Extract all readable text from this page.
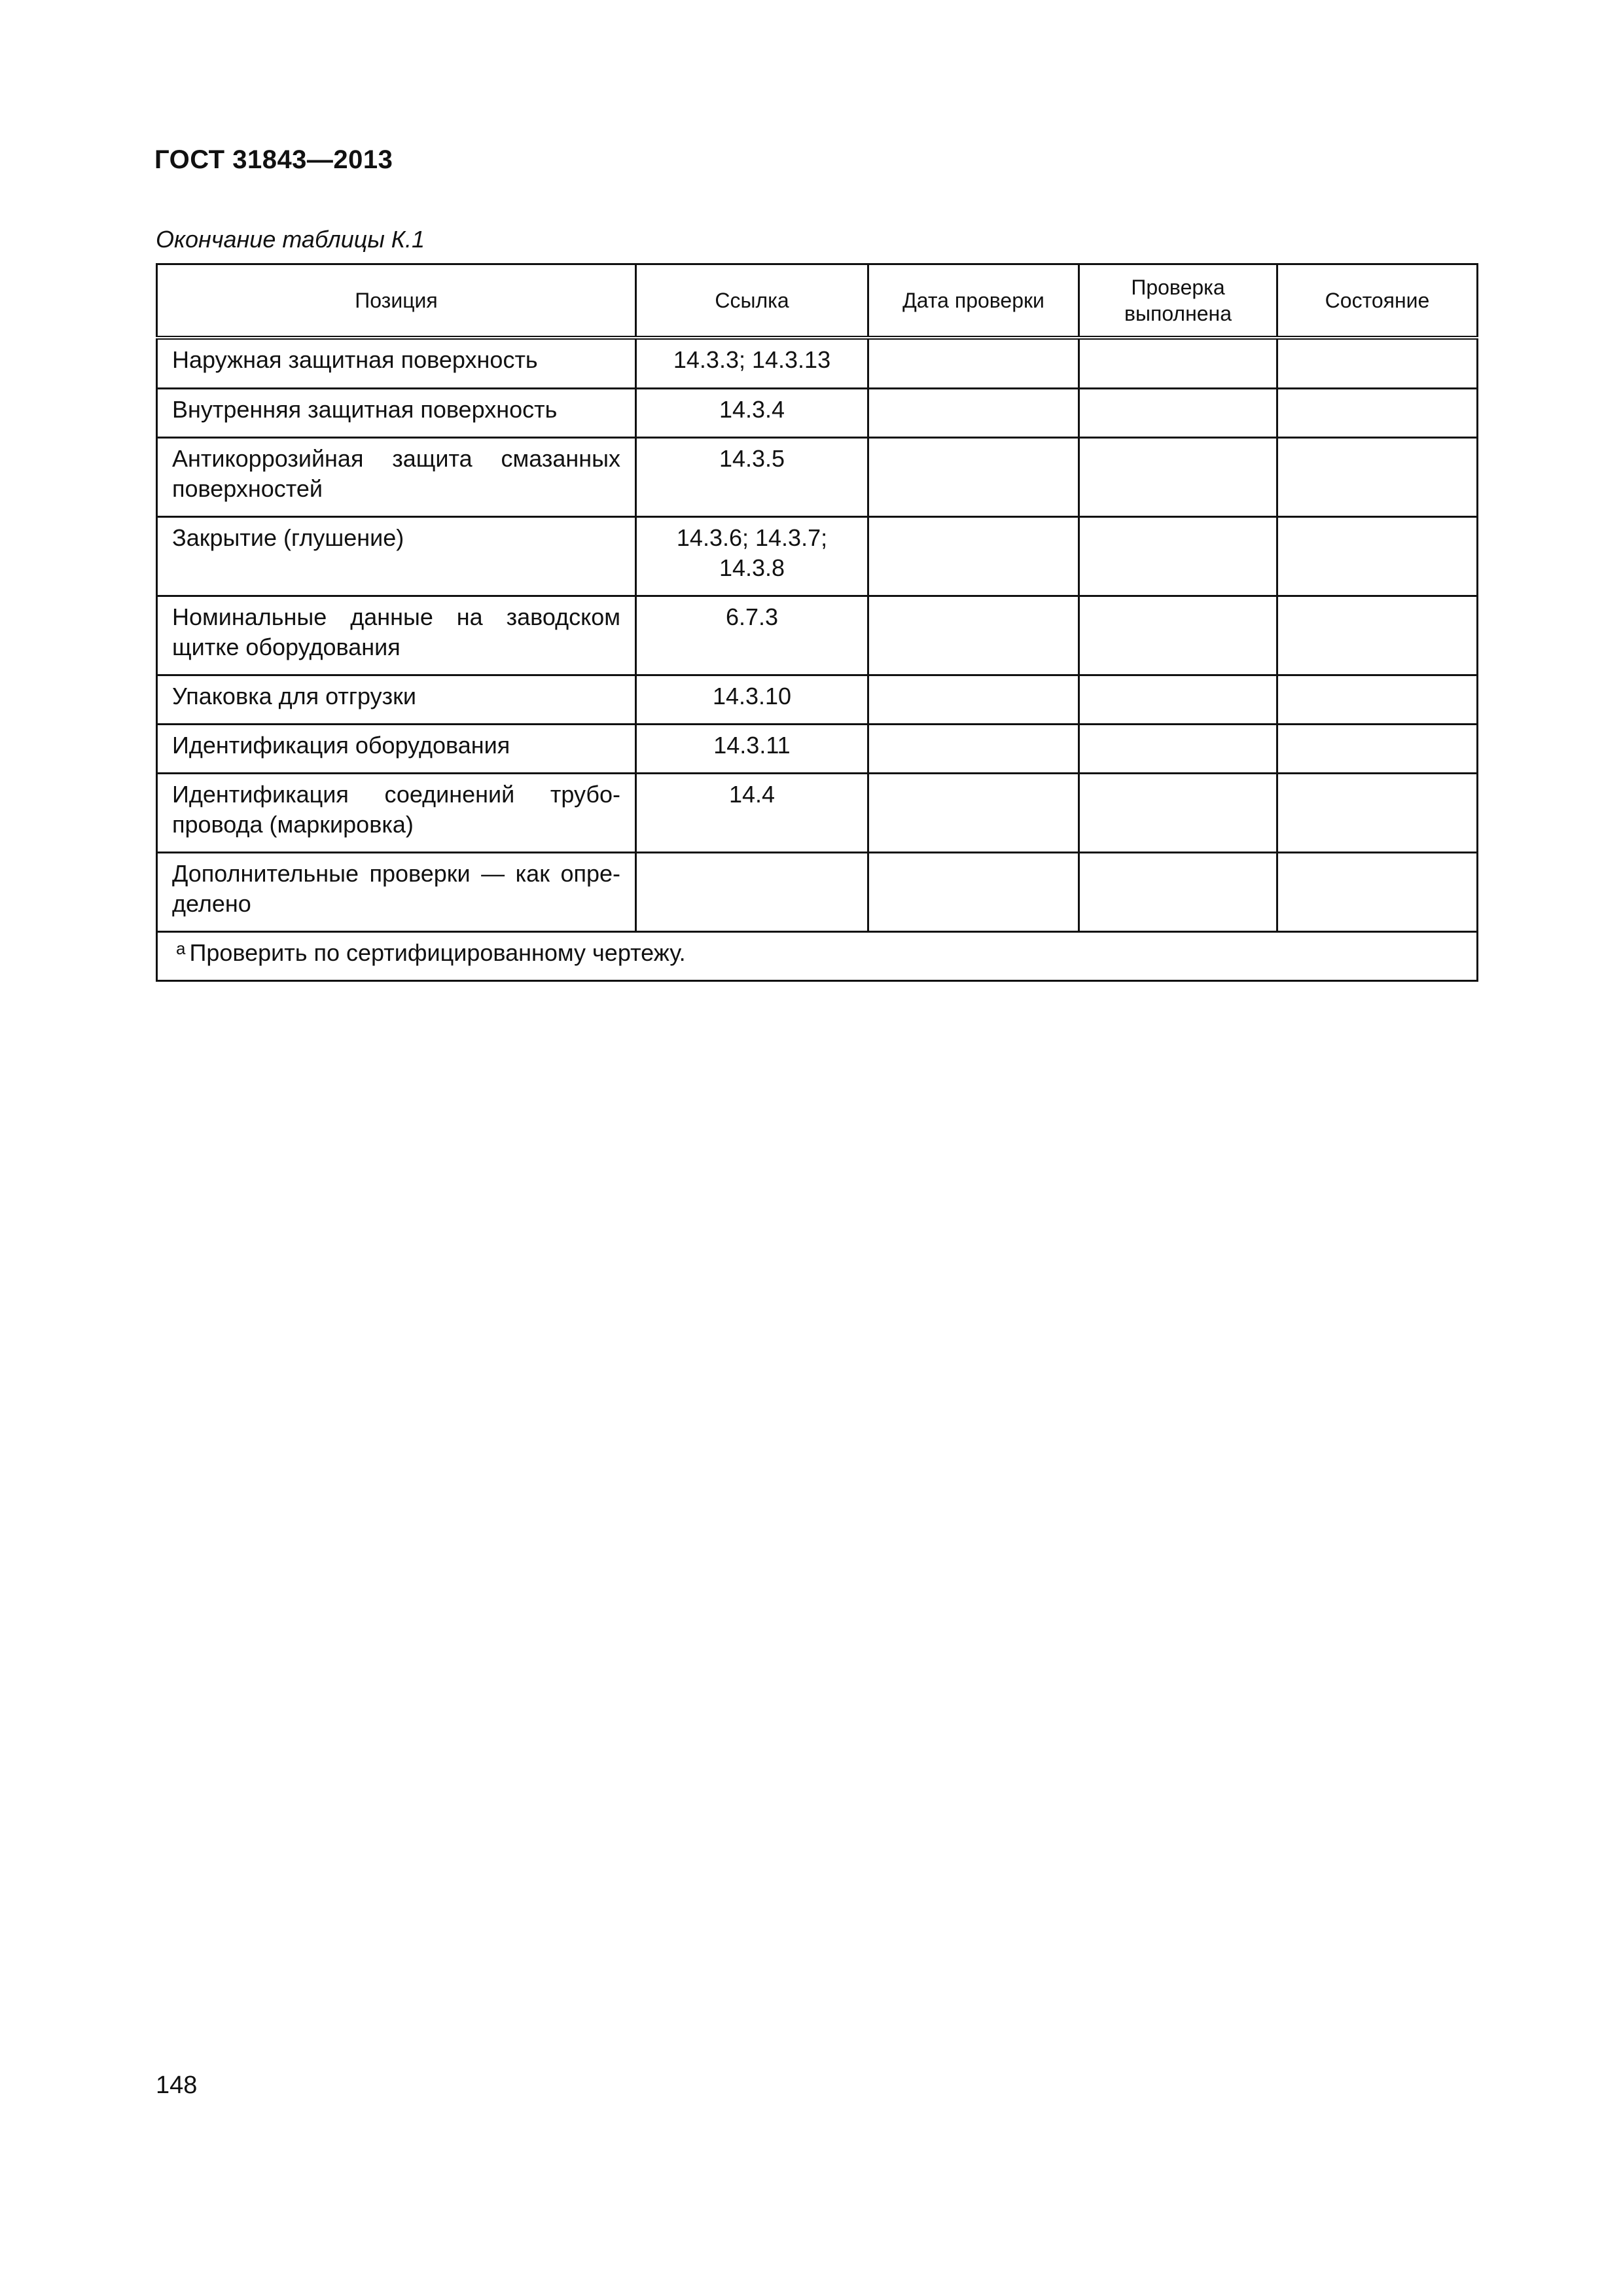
ГОСТ 31843—2013
Окончание таблицы К.1
Позиция	Ссылка	Дата проверки	Проверка выполнена	Состояние
Наружная защитная поверхность	14.3.3; 14.3.13			
Внутренняя защитная поверхность	14.3.4			
Антикоррозийная защита смазанных поверхностей	14.3.5			
Закрытие (глушение)	14.3.6; 14.3.7; 14.3.8			
Номинальные данные на заводском щитке оборудования	6.7.3			
Упаковка для отгрузки	14.3.10			
Идентификация оборудования	14.3.11			
Идентификация соединений трубопровода (маркировка)	14.4			
Дополнительные проверки — как определено				
$^а$ Проверить по сертифицированному чертежу.				
148
